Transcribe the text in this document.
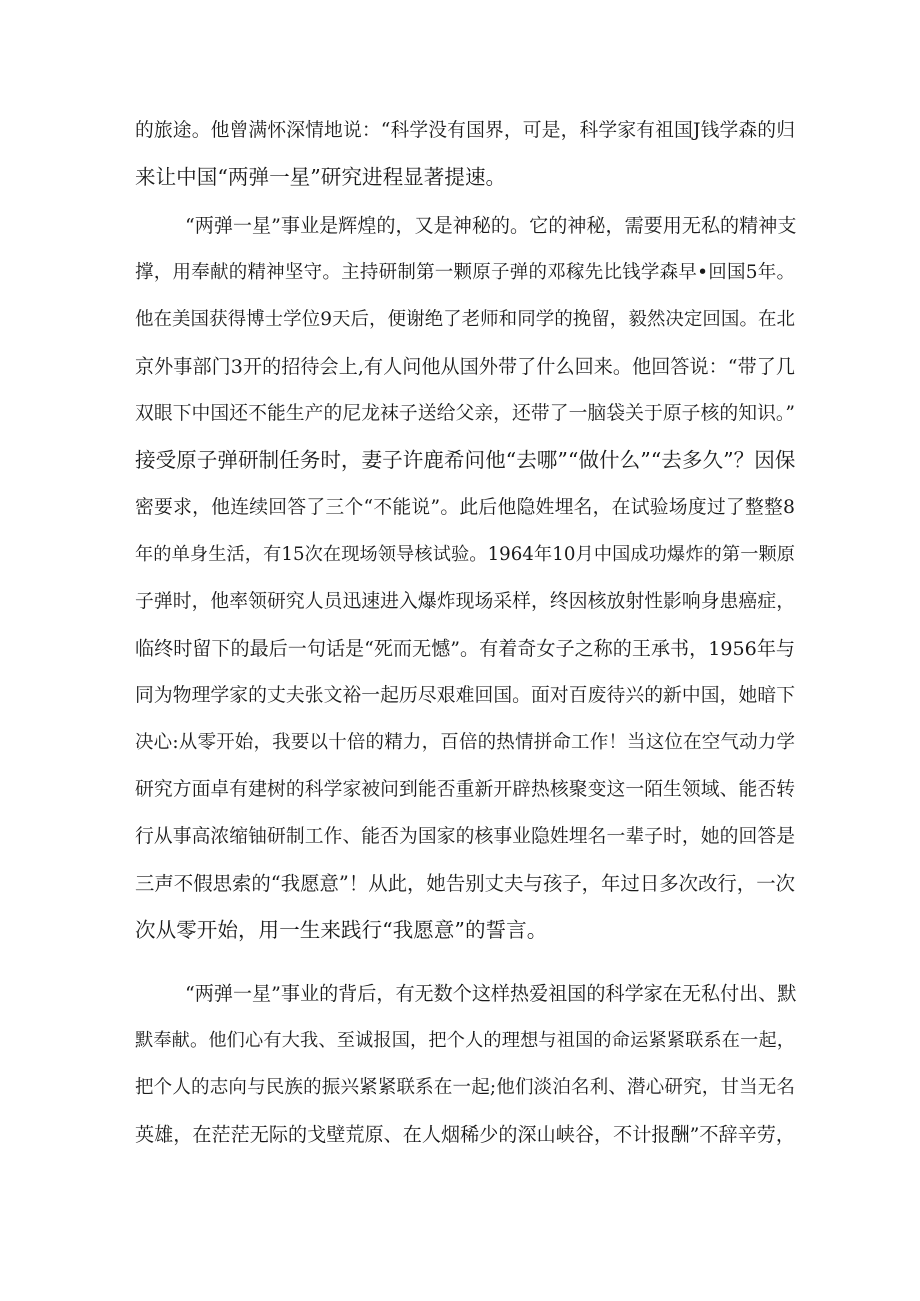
的旅途。他曾满怀深情地说：“科学没有国界，可是，科学家有祖国J钱学森的归
来让中国“两弹一星”研究进程显著提速。
“两弹一星”事业是辉煌的，又是神秘的。它的神秘，需要用无私的精神支
撑，用奉献的精神坚守。主持研制第一颗原子弹的邓稼先比钱学森早•回国5年。
他在美国获得博士学位9天后，便谢绝了老师和同学的挽留，毅然决定回国。在北
京外事部门3开的招待会上,有人问他从国外带了什么回来。他回答说：“带了几
双眼下中国还不能生产的尼龙袜子送给父亲，还带了一脑袋关于原子核的知识。”
接受原子弹研制任务时，妻子许鹿希问他“去哪”“做什么”“去多久”？因保
密要求，他连续回答了三个“不能说”。此后他隐姓埋名，在试验场度过了整整8
年的单身生活，有15次在现场领导核试验。1964年10月中国成功爆炸的第一颗原
子弹时，他率领研究人员迅速进入爆炸现场采样，终因核放射性影响身患癌症，
临终时留下的最后一句话是“死而无憾”。有着奇女子之称的王承书，1956年与
同为物理学家的丈夫张文裕一起历尽艰难回国。面对百废待兴的新中国，她暗下
决心:从零开始，我要以十倍的精力，百倍的热情拼命工作！当这位在空气动力学
研究方面卓有建树的科学家被问到能否重新开辟热核聚变这一陌生领域、能否转
行从事高浓缩铀研制工作、能否为国家的核事业隐姓埋名一辈子时，她的回答是
三声不假思索的“我愿意”！从此，她告别丈夫与孩子，年过日多次改行，一次
次从零开始，用一生来践行“我愿意”的誓言。
“两弹一星”事业的背后，有无数个这样热爱祖国的科学家在无私付出、默
默奉献。他们心有大我、至诚报国，把个人的理想与祖国的命运紧紧联系在一起，
把个人的志向与民族的振兴紧紧联系在一起;他们淡泊名利、潜心研究，甘当无名
英雄，在茫茫无际的戈壁荒原、在人烟稀少的深山峡谷，不计报酬”不辞辛劳，
